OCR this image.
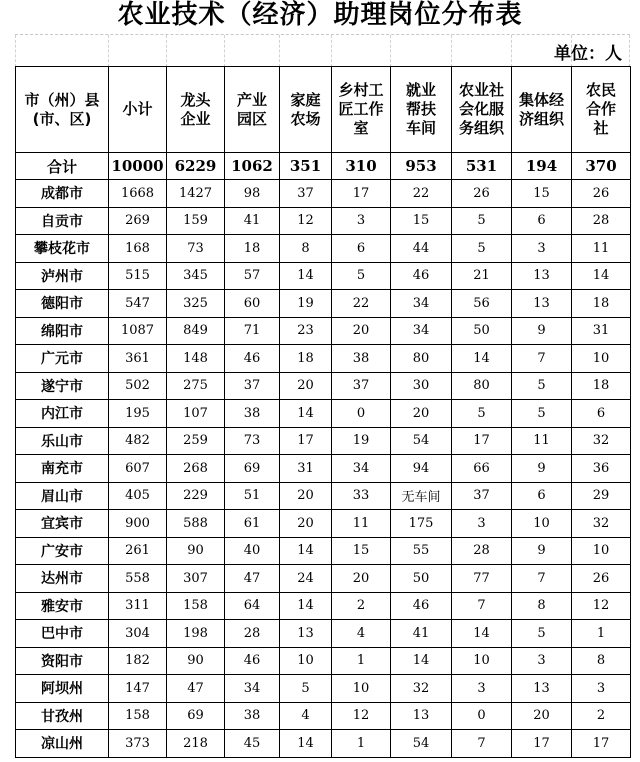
农业技术（经济）助理岗位分布表
单位：人
市（州）县(市、区)	小计	龙头企业	产业园区	家庭农场	乡村工匠工作室	就业帮扶车间	农业社会化服务组织	集体经济组织	农民合作社
合计	10000	6229	1062	351	310	953	531	194	370
成都市	1668	1427	98	37	17	22	26	15	26
自贡市	269	159	41	12	3	15	5	6	28
攀枝花市	168	73	18	8	6	44	5	3	11
泸州市	515	345	57	14	5	46	21	13	14
德阳市	547	325	60	19	22	34	56	13	18
绵阳市	1087	849	71	23	20	34	50	9	31
广元市	361	148	46	18	38	80	14	7	10
遂宁市	502	275	37	20	37	30	80	5	18
内江市	195	107	38	14	0	20	5	5	6
乐山市	482	259	73	17	19	54	17	11	32
南充市	607	268	69	31	34	94	66	9	36
眉山市	405	229	51	20	33	无车间	37	6	29
宜宾市	900	588	61	20	11	175	3	10	32
广安市	261	90	40	14	15	55	28	9	10
达州市	558	307	47	24	20	50	77	7	26
雅安市	311	158	64	14	2	46	7	8	12
巴中市	304	198	28	13	4	41	14	5	1
资阳市	182	90	46	10	1	14	10	3	8
阿坝州	147	47	34	5	10	32	3	13	3
甘孜州	158	69	38	4	12	13	0	20	2
凉山州	373	218	45	14	1	54	7	17	17
